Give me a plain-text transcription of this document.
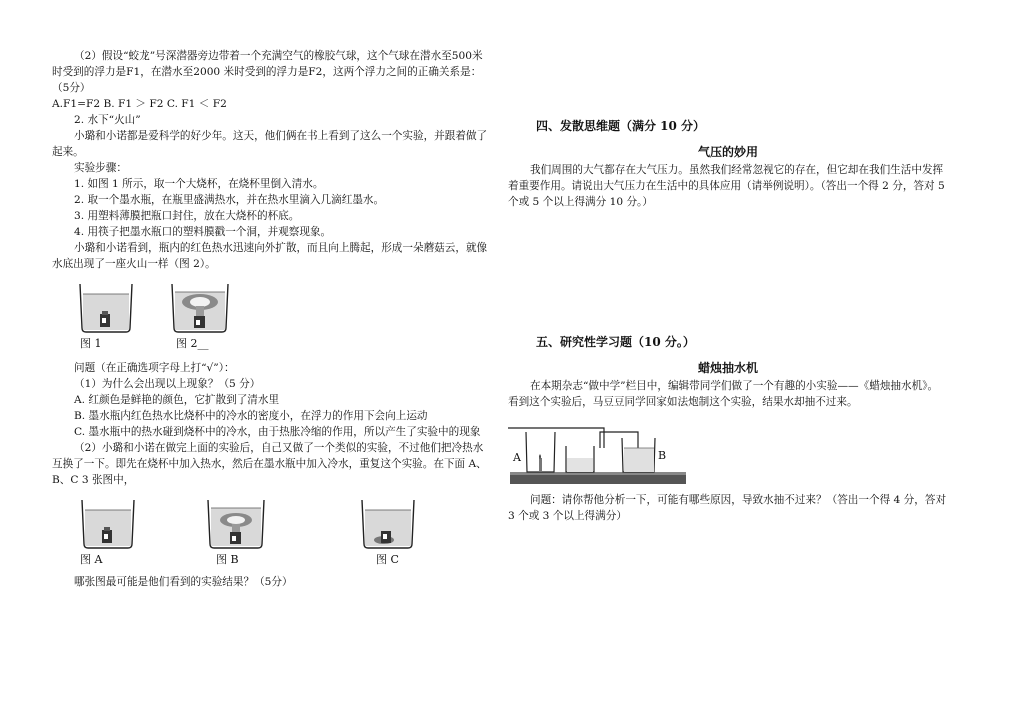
（2）假设“蛟龙”号深潜器旁边带着一个充满空气的橡胶气球，这个气球在潜水至500米时受到的浮力是F1，在潜水至2000 米时受到的浮力是F2，这两个浮力之间的正确关系是：（5分）

A.F1=F2 B. F1 ＞ F2 C. F1 ＜ F2

2. 水下“火山”

小璐和小诺都是爱科学的好少年。这天，他们俩在书上看到了这么一个实验，并跟着做了起来。

实验步骤：

1. 如图 1 所示，取一个大烧杯，在烧杯里倒入清水。

2. 取一个墨水瓶，在瓶里盛满热水，并在热水里滴入几滴红墨水。

3. 用塑料薄膜把瓶口封住，放在大烧杯的杯底。

4. 用筷子把墨水瓶口的塑料膜戳一个洞，并观察现象。

小璐和小诺看到，瓶内的红色热水迅速向外扩散，而且向上腾起，形成一朵蘑菇云，就像水底出现了一座火山一样（图 2）。

图 1	图 2__

问题（在正确选项字母上打“√”）：

（1）为什么会出现以上现象？（5 分）

A. 红颜色是鲜艳的颜色，它扩散到了清水里

B. 墨水瓶内红色热水比烧杯中的冷水的密度小，在浮力的作用下会向上运动

C. 墨水瓶中的热水碰到烧杯中的冷水，由于热胀冷缩的作用，所以产生了实验中的现象

（2）小璐和小诺在做完上面的实验后，自己又做了一个类似的实验，不过他们把冷热水互换了一下。即先在烧杯中加入热水，然后在墨水瓶中加入冷水，重复这个实验。在下面 A、B、C 3 张图中，

图 A	图 B	图 C

哪张图最可能是他们看到的实验结果？（5分）

四、发散思维题（满分 10 分）

气压的妙用

我们周围的大气都存在大气压力。虽然我们经常忽视它的存在，但它却在我们生活中发挥着重要作用。请说出大气压力在生活中的具体应用（请举例说明）。（答出一个得 2 分，答对 5 个或 5 个以上得满分 10 分。）

五、研究性学习题（10 分。）

蜡烛抽水机

在本期杂志“做中学”栏目中，编辑带同学们做了一个有趣的小实验——《蜡烛抽水机》。看到这个实验后，马豆豆同学回家如法炮制这个实验，结果水却抽不过来。

A	B

问题：请你帮他分析一下，可能有哪些原因，导致水抽不过来？（答出一个得 4 分，答对 3 个或 3 个以上得满分）
